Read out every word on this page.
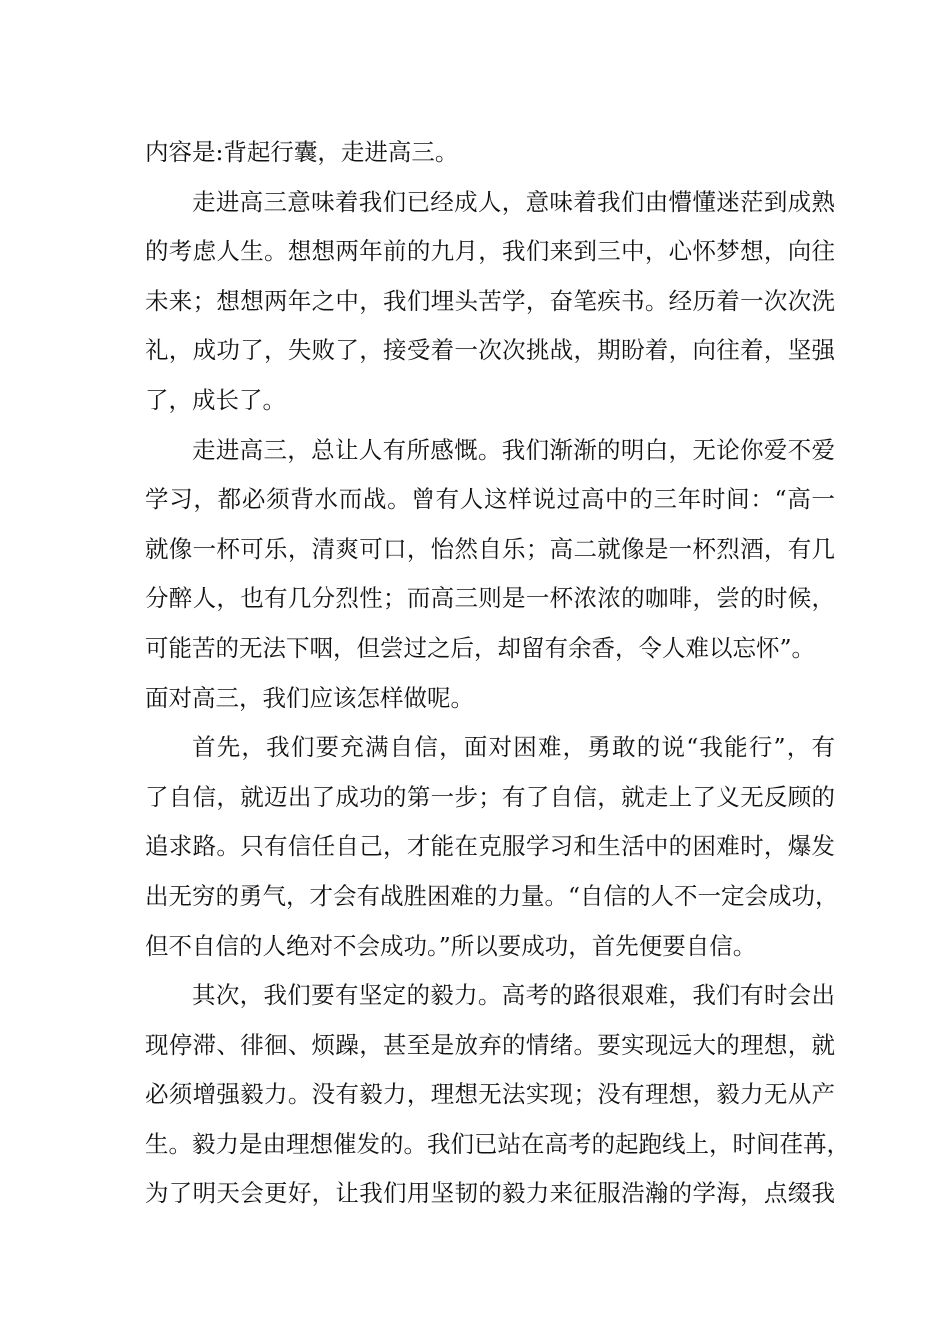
内容是:背起行囊，走进高三。
走进高三意味着我们已经成人，意味着我们由懵懂迷茫到成熟
的考虑人生。想想两年前的九月，我们来到三中，心怀梦想，向往
未来；想想两年之中，我们埋头苦学，奋笔疾书。经历着一次次洗
礼，成功了，失败了，接受着一次次挑战，期盼着，向往着，坚强
了，成长了。
走进高三，总让人有所感慨。我们渐渐的明白，无论你爱不爱
学习，都必须背水而战。曾有人这样说过高中的三年时间：“高一
就像一杯可乐，清爽可口，怡然自乐；高二就像是一杯烈酒，有几
分醉人，也有几分烈性；而高三则是一杯浓浓的咖啡，尝的时候，
可能苦的无法下咽，但尝过之后，却留有余香，令人难以忘怀”。
面对高三，我们应该怎样做呢。
首先，我们要充满自信，面对困难，勇敢的说“我能行”，有
了自信，就迈出了成功的第一步；有了自信，就走上了义无反顾的
追求路。只有信任自己，才能在克服学习和生活中的困难时，爆发
出无穷的勇气，才会有战胜困难的力量。“自信的人不一定会成功，
但不自信的人绝对不会成功。”所以要成功，首先便要自信。
其次，我们要有坚定的毅力。高考的路很艰难，我们有时会出
现停滞、徘徊、烦躁，甚至是放弃的情绪。要实现远大的理想，就
必须增强毅力。没有毅力，理想无法实现；没有理想，毅力无从产
生。毅力是由理想催发的。我们已站在高考的起跑线上，时间荏苒，
为了明天会更好，让我们用坚韧的毅力来征服浩瀚的学海，点缀我
